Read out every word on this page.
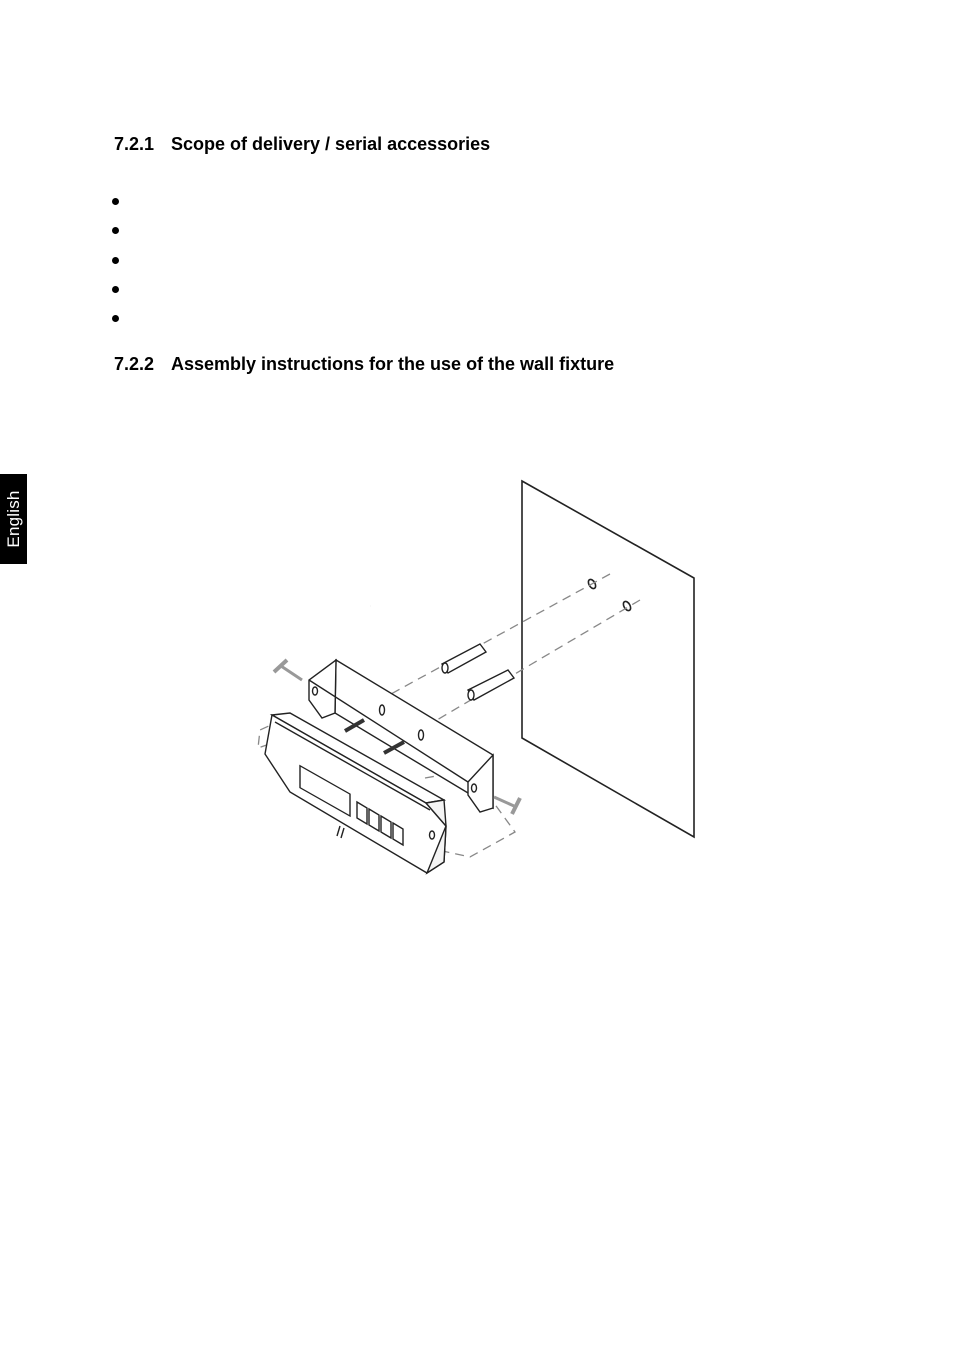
English
7.2.1 Scope of delivery / serial accessories
7.2.2 Assembly instructions for the use of the wall fixture
